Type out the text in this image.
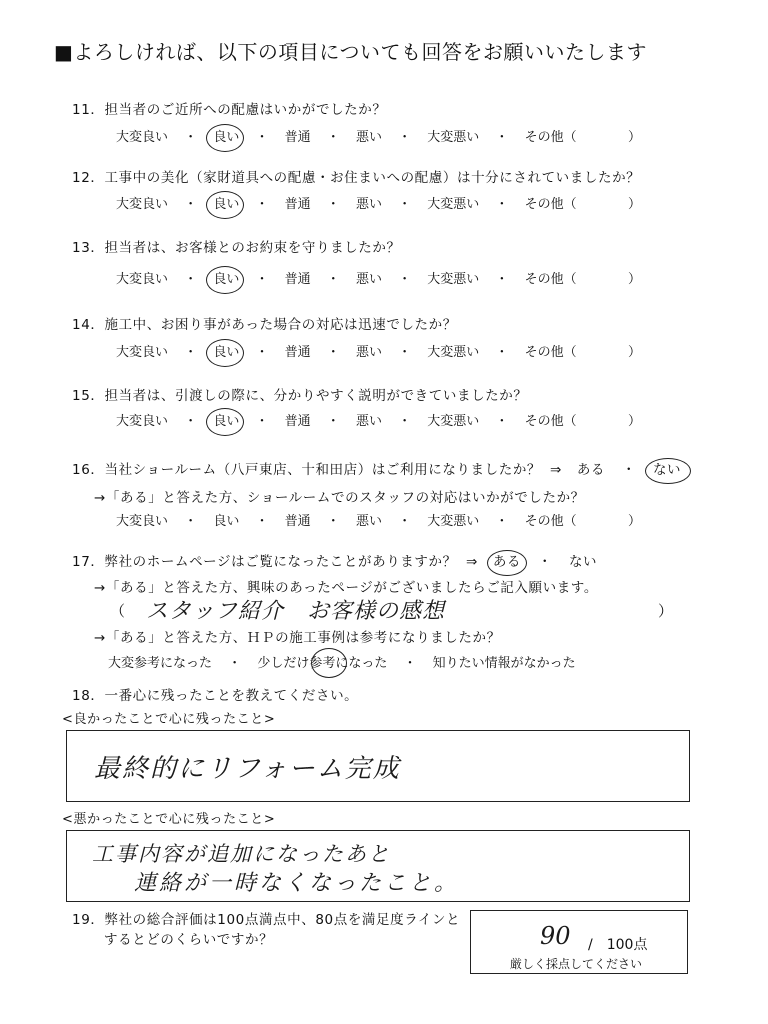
■よろしければ、以下の項目についても回答をお願いいたします
11．担当者のご近所への配慮はいかがでしたか？
大変良い ・ 良い ・ 普通 ・ 悪い ・ 大変悪い ・ その他（	）
12．工事中の美化（家財道具への配慮・お住まいへの配慮）は十分にされていましたか？
大変良い ・ 良い ・ 普通 ・ 悪い ・ 大変悪い ・ その他（	）
13．担当者は、お客様とのお約束を守りましたか？
大変良い ・ 良い ・ 普通 ・ 悪い ・ 大変悪い ・ その他（	）
14．施工中、お困り事があった場合の対応は迅速でしたか？
大変良い ・ 良い ・ 普通 ・ 悪い ・ 大変悪い ・ その他（	）
15．担当者は、引渡しの際に、分かりやすく説明ができていましたか？
大変良い ・ 良い ・ 普通 ・ 悪い ・ 大変悪い ・ その他（	）
16．当社ショールーム（八戸東店、十和田店）はご利用になりましたか？ ⇒ ある ・ ない
→「ある」と答えた方、ショールームでのスタッフの対応はいかがでしたか？
大変良い ・ 良い ・ 普通 ・ 悪い ・ 大変悪い ・ その他（	）
17．弊社のホームページはご覧になったことがありますか？ ⇒ ある ・ ない
→「ある」と答えた方、興味のあったページがございましたらご記入願います。
（ スタッフ紹介　お客様の感想	）
→「ある」と答えた方、ＨＰの施工事例は参考になりましたか？
大変参考になった ・ 少しだけ参考になった ・ 知りたい情報がなかった
18．一番心に残ったことを教えてください。
<良かったことで心に残ったこと>
最終的にリフォーム完成
<悪かったことで心に残ったこと>
工事内容が追加になったあと
連絡が一時なくなったこと。
19．弊社の総合評価は100点満点中、80点を満足度ラインと
するとどのくらいですか？	90 /　100点
厳しく採点してください
